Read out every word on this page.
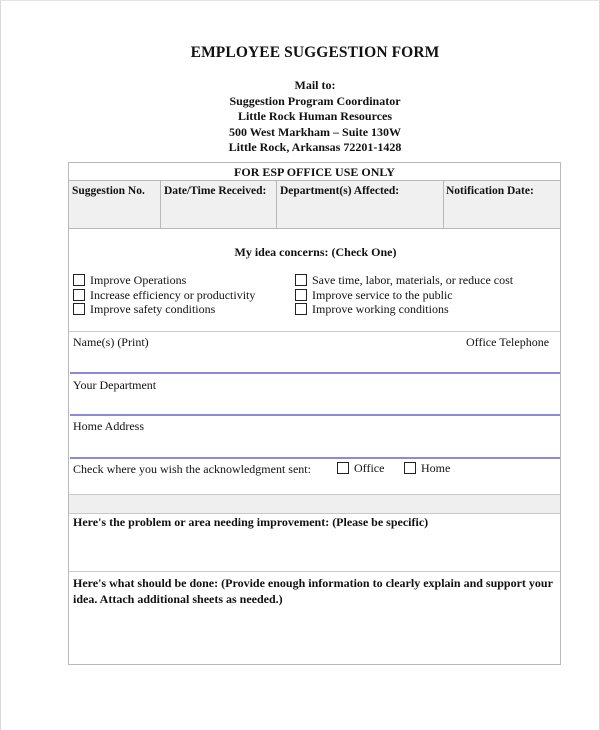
EMPLOYEE SUGGESTION FORM
Mail to:
Suggestion Program Coordinator
Little Rock Human Resources
500 West Markham – Suite 130W
Little Rock, Arkansas 72201-1428
FOR ESP OFFICE USE ONLY
Suggestion No.	Date/Time Received:	Department(s) Affected:	Notification Date:
My idea concerns: (Check One)
Improve Operations
Increase efficiency or productivity
Improve safety conditions
Save time, labor, materials, or reduce cost
Improve service to the public
Improve working conditions
Name(s) (Print)	Office Telephone
Your Department
Home Address
Check where you wish the acknowledgment sent:	Office	Home
Here's the problem or area needing improvement: (Please be specific)
Here's what should be done: (Provide enough information to clearly explain and support your idea. Attach additional sheets as needed.)
